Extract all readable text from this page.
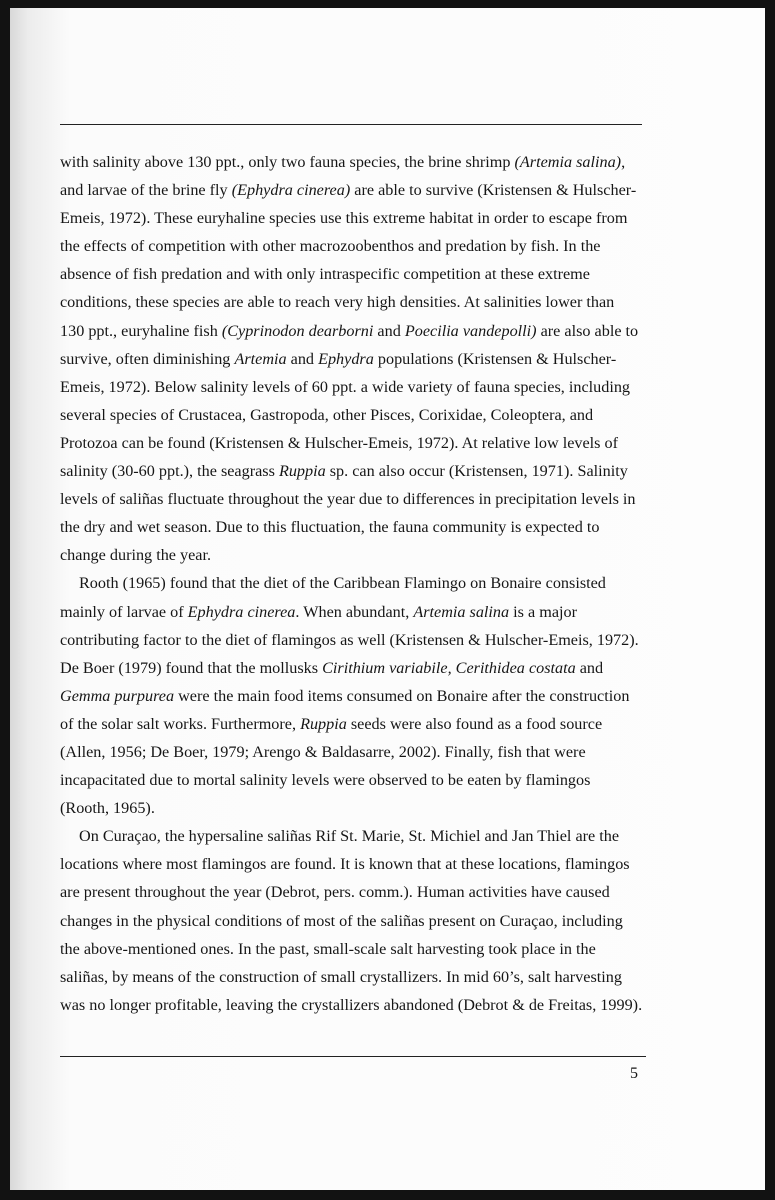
with salinity above 130 ppt., only two fauna species, the brine shrimp (Artemia salina),
and larvae of the brine fly (Ephydra cinerea) are able to survive (Kristensen & Hulscher-
Emeis, 1972). These euryhaline species use this extreme habitat in order to escape from
the effects of competition with other macrozoobenthos and predation by fish. In the
absence of fish predation and with only intraspecific competition at these extreme
conditions, these species are able to reach very high densities. At salinities lower than
130 ppt., euryhaline fish (Cyprinodon dearborni and Poecilia vandepolli) are also able to
survive, often diminishing Artemia and Ephydra populations (Kristensen & Hulscher-
Emeis, 1972). Below salinity levels of 60 ppt. a wide variety of fauna species, including
several species of Crustacea, Gastropoda, other Pisces, Corixidae, Coleoptera, and
Protozoa can be found (Kristensen & Hulscher-Emeis, 1972). At relative low levels of
salinity (30-60 ppt.), the seagrass Ruppia sp. can also occur (Kristensen, 1971). Salinity
levels of saliñas fluctuate throughout the year due to differences in precipitation levels in
the dry and wet season. Due to this fluctuation, the fauna community is expected to
change during the year.

Rooth (1965) found that the diet of the Caribbean Flamingo on Bonaire consisted
mainly of larvae of Ephydra cinerea. When abundant, Artemia salina is a major
contributing factor to the diet of flamingos as well (Kristensen & Hulscher-Emeis, 1972).
De Boer (1979) found that the mollusks Cirithium variabile, Cerithidea costata and
Gemma purpurea were the main food items consumed on Bonaire after the construction
of the solar salt works. Furthermore, Ruppia seeds were also found as a food source
(Allen, 1956; De Boer, 1979; Arengo & Baldasarre, 2002). Finally, fish that were
incapacitated due to mortal salinity levels were observed to be eaten by flamingos
(Rooth, 1965).

On Curaçao, the hypersaline saliñas Rif St. Marie, St. Michiel and Jan Thiel are the
locations where most flamingos are found. It is known that at these locations, flamingos
are present throughout the year (Debrot, pers. comm.). Human activities have caused
changes in the physical conditions of most of the saliñas present on Curaçao, including
the above-mentioned ones. In the past, small-scale salt harvesting took place in the
saliñas, by means of the construction of small crystallizers. In mid 60’s, salt harvesting
was no longer profitable, leaving the crystallizers abandoned (Debrot & de Freitas, 1999).

5
